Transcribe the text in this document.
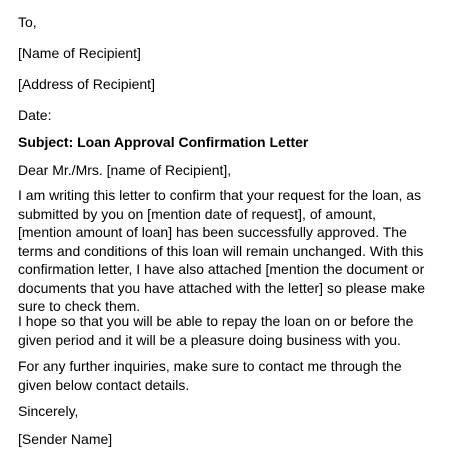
To,
[Name of Recipient]
[Address of Recipient]
Date:
Subject: Loan Approval Confirmation Letter
Dear Mr./Mrs. [name of Recipient],
I am writing this letter to confirm that your request for the loan, as
submitted by you on [mention date of request], of amount,
[mention amount of loan] has been successfully approved. The
terms and conditions of this loan will remain unchanged. With this
confirmation letter, I have also attached [mention the document or
documents that you have attached with the letter] so please make
sure to check them.
I hope so that you will be able to repay the loan on or before the
given period and it will be a pleasure doing business with you.
For any further inquiries, make sure to contact me through the
given below contact details.
Sincerely,
[Sender Name]
